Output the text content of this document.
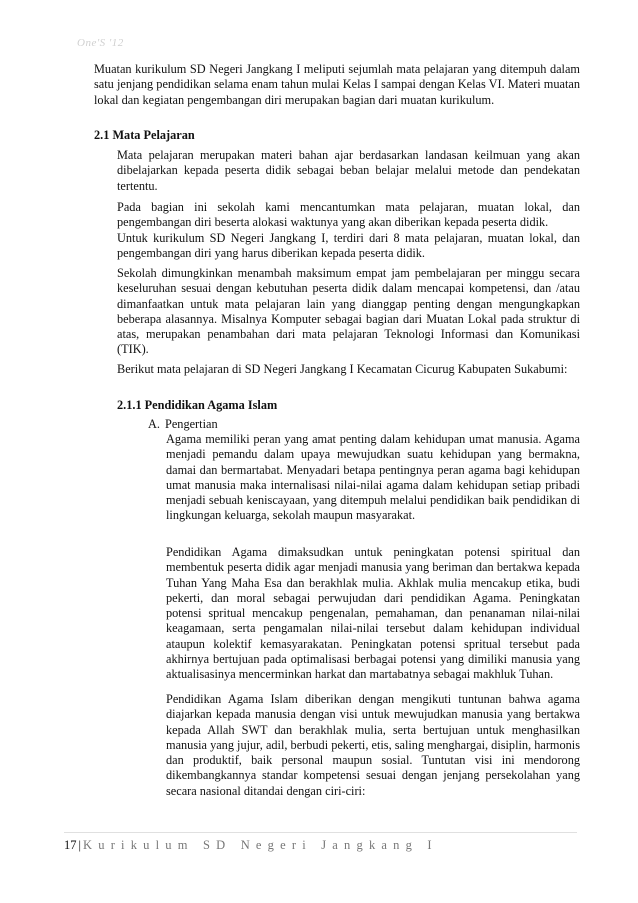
One'S '12

Muatan kurikulum SD Negeri Jangkang I meliputi sejumlah mata pelajaran yang ditempuh dalam satu jenjang pendidikan selama enam tahun mulai Kelas I sampai dengan Kelas VI. Materi muatan lokal dan kegiatan pengembangan diri merupakan bagian dari muatan kurikulum.

2.1 Mata Pelajaran

Mata pelajaran merupakan materi bahan ajar berdasarkan landasan keilmuan yang akan dibelajarkan kepada peserta didik sebagai beban belajar melalui metode dan pendekatan tertentu.

Pada bagian ini sekolah kami mencantumkan mata pelajaran, muatan lokal, dan pengembangan diri beserta alokasi waktunya yang akan diberikan kepada peserta didik.

Untuk kurikulum SD Negeri Jangkang I, terdiri dari 8 mata pelajaran, muatan lokal, dan pengembangan diri yang harus diberikan kepada peserta didik.

Sekolah dimungkinkan menambah maksimum empat jam pembelajaran per minggu secara keseluruhan sesuai dengan kebutuhan peserta didik dalam mencapai kompetensi, dan /atau dimanfaatkan untuk mata pelajaran lain yang dianggap penting dengan mengungkapkan beberapa alasannya. Misalnya Komputer sebagai bagian dari Muatan Lokal pada struktur di atas, merupakan penambahan dari mata pelajaran Teknologi Informasi dan Komunikasi (TIK).

Berikut mata pelajaran di SD Negeri Jangkang I Kecamatan Cicurug Kabupaten Sukabumi:

2.1.1 Pendidikan Agama Islam
A. Pengertian

Agama memiliki peran yang amat penting dalam kehidupan umat manusia. Agama menjadi pemandu dalam upaya mewujudkan suatu kehidupan yang bermakna, damai dan bermartabat. Menyadari betapa pentingnya peran agama bagi kehidupan umat manusia maka internalisasi nilai-nilai agama dalam kehidupan setiap pribadi menjadi sebuah keniscayaan, yang ditempuh melalui pendidikan baik pendidikan di lingkungan keluarga, sekolah maupun masyarakat.

Pendidikan Agama dimaksudkan untuk peningkatan potensi spiritual dan membentuk peserta didik agar menjadi manusia yang beriman dan bertakwa kepada Tuhan Yang Maha Esa dan berakhlak mulia. Akhlak mulia mencakup etika, budi pekerti, dan moral sebagai perwujudan dari pendidikan Agama. Peningkatan potensi spritual mencakup pengenalan, pemahaman, dan penanaman nilai-nilai keagamaan, serta pengamalan nilai-nilai tersebut dalam kehidupan individual ataupun kolektif kemasyarakatan. Peningkatan potensi spritual tersebut pada akhirnya bertujuan pada optimalisasi berbagai potensi yang dimiliki manusia yang aktualisasinya mencerminkan harkat dan martabatnya sebagai makhluk Tuhan.

Pendidikan Agama Islam diberikan dengan mengikuti tuntunan bahwa agama diajarkan kepada manusia dengan visi untuk mewujudkan manusia yang bertakwa kepada Allah SWT dan berakhlak mulia, serta bertujuan untuk menghasilkan manusia yang jujur, adil, berbudi pekerti, etis, saling menghargai, disiplin, harmonis dan produktif, baik personal maupun sosial. Tuntutan visi ini mendorong dikembangkannya standar kompetensi sesuai dengan jenjang persekolahan yang secara nasional ditandai dengan ciri-ciri:

17 | Kurikulum SD Negeri Jangkang I
